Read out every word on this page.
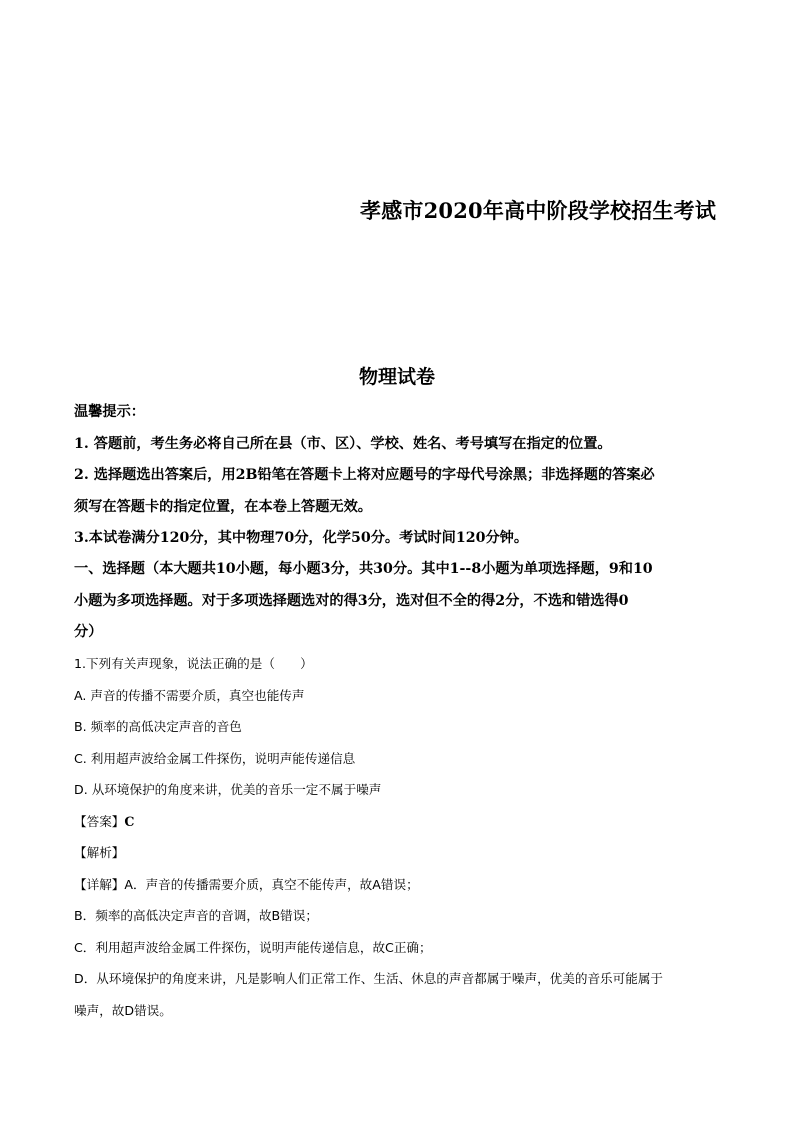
孝感市2020年高中阶段学校招生考试
物理试卷

温馨提示：

1. 答题前，考生务必将自己所在县（市、区）、学校、姓名、考号填写在指定的位置。

2. 选择题选出答案后，用2B铅笔在答题卡上将对应题号的字母代号涂黑；非选择题的答案必

须写在答题卡的指定位置，在本卷上答题无效。

3.本试卷满分120分，其中物理70分，化学50分。考试时间120分钟。

一、选择题（本大题共10小题，每小题3分，共30分。其中1--8小题为单项选择题，9和10

小题为多项选择题。对于多项选择题选对的得3分，选对但不全的得2分，不选和错选得0

分）

1.下列有关声现象，说法正确的是（　　）

A. 声音的传播不需要介质，真空也能传声

B. 频率的高低决定声音的音色

C. 利用超声波给金属工件探伤，说明声能传递信息

D. 从环境保护的角度来讲，优美的音乐一定不属于噪声

【答案】C

【解析】

【详解】A．声音的传播需要介质，真空不能传声，故A错误；

B．频率的高低决定声音的音调，故B错误；

C．利用超声波给金属工件探伤，说明声能传递信息，故C正确；

D．从环境保护的角度来讲，凡是影响人们正常工作、生活、休息的声音都属于噪声，优美的音乐可能属于

噪声，故D错误。
